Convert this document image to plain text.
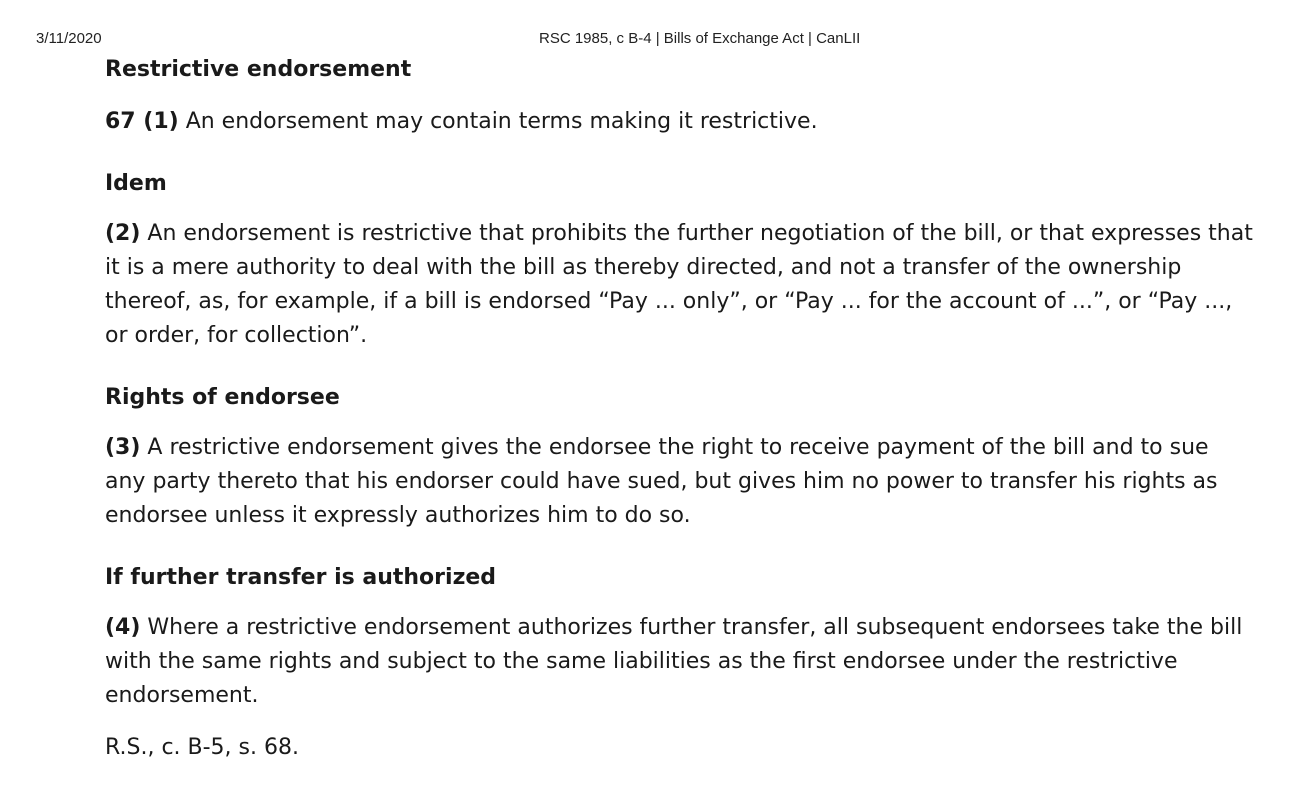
3/11/2020	RSC 1985, c B-4 | Bills of Exchange Act | CanLII
Restrictive endorsement

67 (1) An endorsement may contain terms making it restrictive.

Idem

(2) An endorsement is restrictive that prohibits the further negotiation of the bill, or that expresses that it is a mere authority to deal with the bill as thereby directed, and not a transfer of the ownership thereof, as, for example, if a bill is endorsed “Pay ... only”, or “Pay ... for the account of ...”, or “Pay ..., or order, for collection”.

Rights of endorsee

(3) A restrictive endorsement gives the endorsee the right to receive payment of the bill and to sue any party thereto that his endorser could have sued, but gives him no power to transfer his rights as endorsee unless it expressly authorizes him to do so.

If further transfer is authorized

(4) Where a restrictive endorsement authorizes further transfer, all subsequent endorsees take the bill with the same rights and subject to the same liabilities as the first endorsee under the restrictive endorsement.

R.S., c. B-5, s. 68.
